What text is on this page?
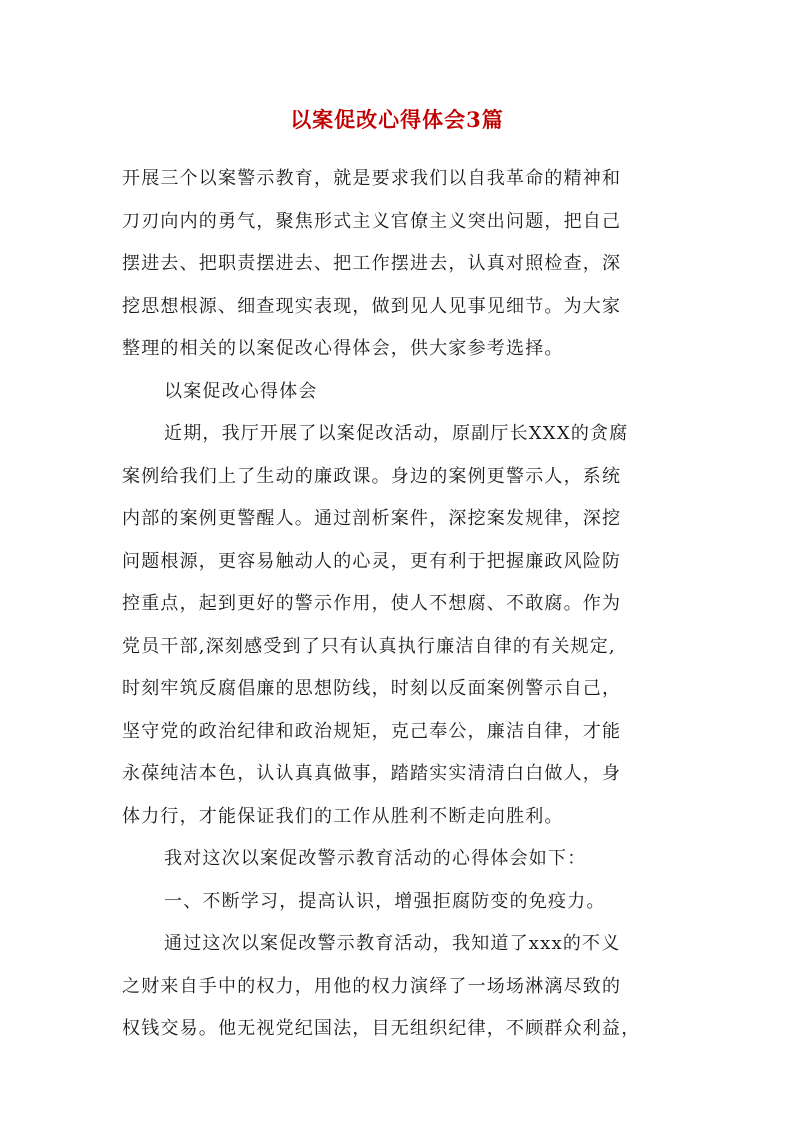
以案促改心得体会3篇
开展三个以案警示教育，就是要求我们以自我革命的精神和
刀刃向内的勇气，聚焦形式主义官僚主义突出问题，把自己
摆进去、把职责摆进去、把工作摆进去，认真对照检查，深
挖思想根源、细查现实表现，做到见人见事见细节。为大家
整理的相关的以案促改心得体会，供大家参考选择。
以案促改心得体会
近期，我厅开展了以案促改活动，原副厅长XXX的贪腐
案例给我们上了生动的廉政课。身边的案例更警示人，系统
内部的案例更警醒人。通过剖析案件，深挖案发规律，深挖
问题根源，更容易触动人的心灵，更有利于把握廉政风险防
控重点，起到更好的警示作用，使人不想腐、不敢腐。作为
党员干部,深刻感受到了只有认真执行廉洁自律的有关规定,
时刻牢筑反腐倡廉的思想防线，时刻以反面案例警示自己，
坚守党的政治纪律和政治规矩，克己奉公，廉洁自律，才能
永葆纯洁本色，认认真真做事，踏踏实实清清白白做人，身
体力行，才能保证我们的工作从胜利不断走向胜利。
我对这次以案促改警示教育活动的心得体会如下：
一、不断学习，提高认识，增强拒腐防变的免疫力。
通过这次以案促改警示教育活动，我知道了xxx的不义
之财来自手中的权力，用他的权力演绎了一场场淋漓尽致的
权钱交易。他无视党纪国法，目无组织纪律，不顾群众利益，
